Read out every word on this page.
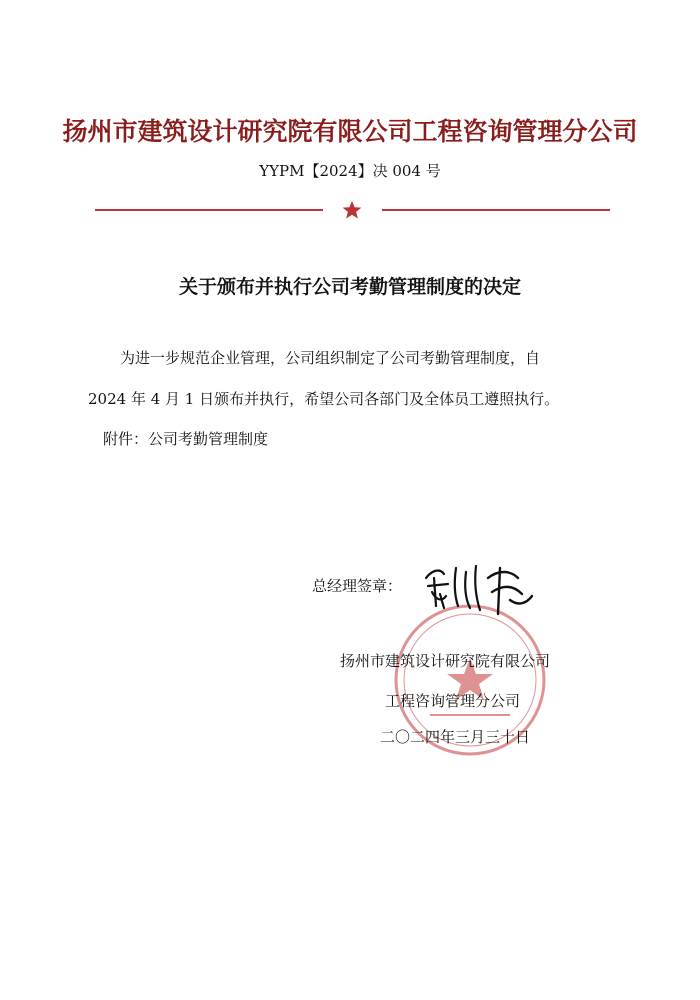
扬州市建筑设计研究院有限公司工程咨询管理分公司
YYPM【2024】决 004 号
关于颁布并执行公司考勤管理制度的决定
为进一步规范企业管理，公司组织制定了公司考勤管理制度，自
2024 年 4 月 1 日颁布并执行，希望公司各部门及全体员工遵照执行。
附件：公司考勤管理制度
总经理签章：
扬州市建筑设计研究院有限公司
工程咨询管理分公司
二〇二四年三月三十日
